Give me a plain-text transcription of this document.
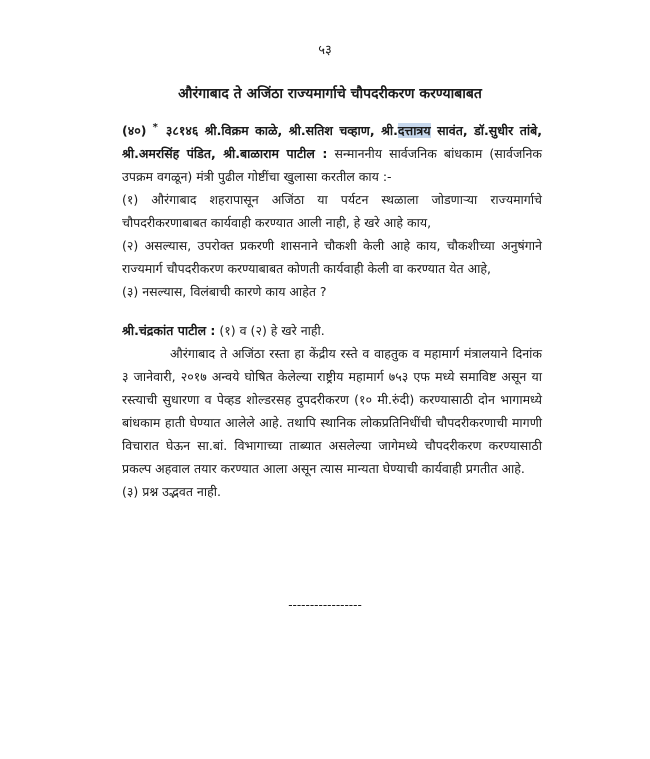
५३
औरंगाबाद ते अजिंठा राज्यमार्गाचे चौपदरीकरण करण्याबाबत

(४०) * ३८१४६ श्री.विक्रम काळे, श्री.सतिश चव्हाण, श्री.दत्तात्रय सावंत, डॉ.सुधीर तांबे, श्री.अमरसिंह पंडित, श्री.बाळाराम पाटील : सन्माननीय सार्वजनिक बांधकाम (सार्वजनिक उपक्रम वगळून) मंत्री पुढील गोष्टींचा खुलासा करतील काय :-

(१) औरंगाबाद शहरापासून अजिंठा या पर्यटन स्थळाला जोडणाऱ्या राज्यमार्गाचे चौपदरीकरणाबाबत कार्यवाही करण्यात आली नाही, हे खरे आहे काय,

(२) असल्यास, उपरोक्त प्रकरणी शासनाने चौकशी केली आहे काय, चौकशीच्या अनुषंगाने राज्यमार्ग चौपदरीकरण करण्याबाबत कोणती कार्यवाही केली वा करण्यात येत आहे,

(३) नसल्यास, विलंबाची कारणे काय आहेत ?

श्री.चंद्रकांत पाटील : (१) व (२) हे खरे नाही.

औरंगाबाद ते अजिंठा रस्ता हा केंद्रीय रस्ते व वाहतुक व महामार्ग मंत्रालयाने दिनांक ३ जानेवारी, २०१७ अन्वये घोषित केलेल्या राष्ट्रीय महामार्ग ७५३ एफ मध्ये समाविष्ट असून या रस्त्याची सुधारणा व पेव्हड शोल्डरसह दुपदरीकरण (१० मी.रुंदी) करण्यासाठी दोन भागामध्ये बांधकाम हाती घेण्यात आलेले आहे. तथापि स्थानिक लोकप्रतिनिधींची चौपदरीकरणाची मागणी विचारात घेऊन सा.बां. विभागाच्या ताब्यात असलेल्या जागेमध्ये चौपदरीकरण करण्यासाठी प्रकल्प अहवाल तयार करण्यात आला असून त्यास मान्यता घेण्याची कार्यवाही प्रगतीत आहे.

(३) प्रश्न उद्भवत नाही.

-----------------
